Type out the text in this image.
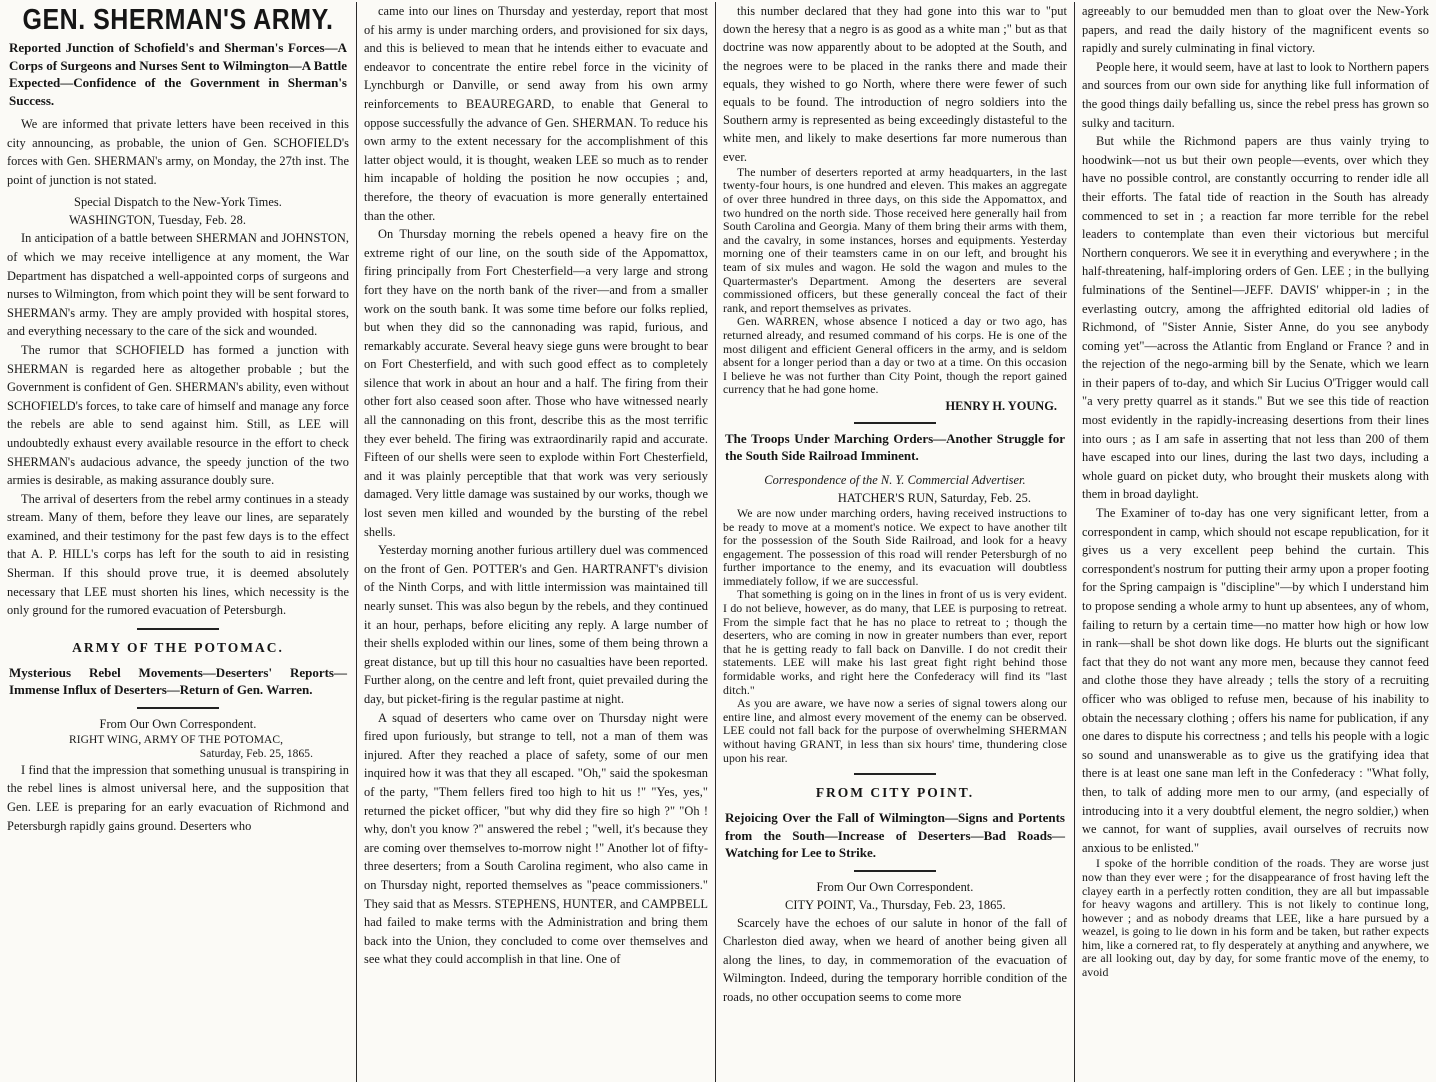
GEN. SHERMAN'S ARMY.
Reported Junction of Schofield's and Sherman's Forces—A Corps of Surgeons and Nurses Sent to Wilmington—A Battle Expected—Confidence of the Government in Sherman's Success.

We are informed that private letters have been received in this city announcing, as probable, the union of Gen. SCHOFIELD's forces with Gen. SHERMAN's army, on Monday, the 27th inst. The point of junction is not stated.

Special Dispatch to the New-York Times.

WASHINGTON, Tuesday, Feb. 28.

In anticipation of a battle between SHERMAN and JOHNSTON, of which we may receive intelligence at any moment, the War Department has dispatched a well-appointed corps of surgeons and nurses to Wilmington, from which point they will be sent forward to SHERMAN's army. They are amply provided with hospital stores, and everything necessary to the care of the sick and wounded.

The rumor that SCHOFIELD has formed a junction with SHERMAN is regarded here as altogether probable ; but the Government is confident of Gen. SHERMAN's ability, even without SCHOFIELD's forces, to take care of himself and manage any force the rebels are able to send against him. Still, as LEE will undoubtedly exhaust every available resource in the effort to check SHERMAN's audacious advance, the speedy junction of the two armies is desirable, as making assurance doubly sure.

The arrival of deserters from the rebel army continues in a steady stream. Many of them, before they leave our lines, are separately examined, and their testimony for the past few days is to the effect that A. P. HILL's corps has left for the south to aid in resisting Sherman. If this should prove true, it is deemed absolutely necessary that LEE must shorten his lines, which necessity is the only ground for the rumored evacuation of Petersburgh.

ARMY OF THE POTOMAC.
Mysterious Rebel Movements—Deserters' Reports—Immense Influx of Deserters—Return of Gen. Warren.

From Our Own Correspondent.

RIGHT WING, ARMY OF THE POTOMAC,

Saturday, Feb. 25, 1865.

I find that the impression that something unusual is transpiring in the rebel lines is almost universal here, and the supposition that Gen. LEE is preparing for an early evacuation of Richmond and Petersburgh rapidly gains ground. Deserters who

came into our lines on Thursday and yesterday, report that most of his army is under marching orders, and provisioned for six days, and this is believed to mean that he intends either to evacuate and endeavor to concentrate the entire rebel force in the vicinity of Lynchburgh or Danville, or send away from his own army reinforcements to BEAUREGARD, to enable that General to oppose successfully the advance of Gen. SHERMAN. To reduce his own army to the extent necessary for the accomplishment of this latter object would, it is thought, weaken LEE so much as to render him incapable of holding the position he now occupies ; and, therefore, the theory of evacuation is more generally entertained than the other.

On Thursday morning the rebels opened a heavy fire on the extreme right of our line, on the south side of the Appomattox, firing principally from Fort Chesterfield—a very large and strong fort they have on the north bank of the river—and from a smaller work on the south bank. It was some time before our folks replied, but when they did so the cannonading was rapid, furious, and remarkably accurate. Several heavy siege guns were brought to bear on Fort Chesterfield, and with such good effect as to completely silence that work in about an hour and a half. The firing from their other fort also ceased soon after. Those who have witnessed nearly all the cannonading on this front, describe this as the most terrific they ever beheld. The firing was extraordinarily rapid and accurate. Fifteen of our shells were seen to explode within Fort Chesterfield, and it was plainly perceptible that that work was very seriously damaged. Very little damage was sustained by our works, though we lost seven men killed and wounded by the bursting of the rebel shells.

Yesterday morning another furious artillery duel was commenced on the front of Gen. POTTER's and Gen. HARTRANFT's division of the Ninth Corps, and with little intermission was maintained till nearly sunset. This was also begun by the rebels, and they continued it an hour, perhaps, before eliciting any reply. A large number of their shells exploded within our lines, some of them being thrown a great distance, but up till this hour no casualties have been reported. Further along, on the centre and left front, quiet prevailed during the day, but picket-firing is the regular pastime at night.

A squad of deserters who came over on Thursday night were fired upon furiously, but strange to tell, not a man of them was injured. After they reached a place of safety, some of our men inquired how it was that they all escaped. "Oh," said the spokesman of the party, "Them fellers fired too high to hit us !" "Yes, yes," returned the picket officer, "but why did they fire so high ?" "Oh ! why, don't you know ?" answered the rebel ; "well, it's because they are coming over themselves to-morrow night !" Another lot of fifty-three deserters; from a South Carolina regiment, who also came in on Thursday night, reported themselves as "peace commissioners." They said that as Messrs. STEPHENS, HUNTER, and CAMPBELL had failed to make terms with the Administration and bring them back into the Union, they concluded to come over themselves and see what they could accomplish in that line. One of

this number declared that they had gone into this war to "put down the heresy that a negro is as good as a white man ;" but as that doctrine was now apparently about to be adopted at the South, and the negroes were to be placed in the ranks there and made their equals, they wished to go North, where there were fewer of such equals to be found. The introduction of negro soldiers into the Southern army is represented as being exceedingly distasteful to the white men, and likely to make desertions far more numerous than ever.

The number of deserters reported at army headquarters, in the last twenty-four hours, is one hundred and eleven. This makes an aggregate of over three hundred in three days, on this side the Appomattox, and two hundred on the north side. Those received here generally hail from South Carolina and Georgia. Many of them bring their arms with them, and the cavalry, in some instances, horses and equipments. Yesterday morning one of their teamsters came in on our left, and brought his team of six mules and wagon. He sold the wagon and mules to the Quartermaster's Department. Among the deserters are several commissioned officers, but these generally conceal the fact of their rank, and report themselves as privates.

Gen. WARREN, whose absence I noticed a day or two ago, has returned already, and resumed command of his corps. He is one of the most diligent and efficient General officers in the army, and is seldom absent for a longer period than a day or two at a time. On this occasion I believe he was not further than City Point, though the report gained currency that he had gone home.

HENRY H. YOUNG.
The Troops Under Marching Orders—Another Struggle for the South Side Railroad Imminent.

Correspondence of the N. Y. Commercial Advertiser.

HATCHER'S RUN, Saturday, Feb. 25.

We are now under marching orders, having received instructions to be ready to move at a moment's notice. We expect to have another tilt for the possession of the South Side Railroad, and look for a heavy engagement. The possession of this road will render Petersburgh of no further importance to the enemy, and its evacuation will doubtless immediately follow, if we are successful.

That something is going on in the lines in front of us is very evident. I do not believe, however, as do many, that LEE is purposing to retreat. From the simple fact that he has no place to retreat to ; though the deserters, who are coming in now in greater numbers than ever, report that he is getting ready to fall back on Danville. I do not credit their statements. LEE will make his last great fight right behind those formidable works, and right here the Confederacy will find its "last ditch."

As you are aware, we have now a series of signal towers along our entire line, and almost every movement of the enemy can be observed. LEE could not fall back for the purpose of overwhelming SHERMAN without having GRANT, in less than six hours' time, thundering close upon his rear.

FROM CITY POINT.
Rejoicing Over the Fall of Wilmington—Signs and Portents from the South—Increase of Deserters—Bad Roads—Watching for Lee to Strike.

From Our Own Correspondent.

CITY POINT, Va., Thursday, Feb. 23, 1865.

Scarcely have the echoes of our salute in honor of the fall of Charleston died away, when we heard of another being given all along the lines, to day, in commemoration of the evacuation of Wilmington. Indeed, during the temporary horrible condition of the roads, no other occupation seems to come more

agreeably to our bemudded men than to gloat over the New-York papers, and read the daily history of the magnificent events so rapidly and surely culminating in final victory.

People here, it would seem, have at last to look to Northern papers and sources from our own side for anything like full information of the good things daily befalling us, since the rebel press has grown so sulky and taciturn.

But while the Richmond papers are thus vainly trying to hoodwink—not us but their own people—events, over which they have no possible control, are constantly occurring to render idle all their efforts. The fatal tide of reaction in the South has already commenced to set in ; a reaction far more terrible for the rebel leaders to contemplate than even their victorious but merciful Northern conquerors. We see it in everything and everywhere ; in the half-threatening, half-imploring orders of Gen. LEE ; in the bullying fulminations of the Sentinel—JEFF. DAVIS' whipper-in ; in the everlasting outcry, among the affrighted editorial old ladies of Richmond, of "Sister Annie, Sister Anne, do you see anybody coming yet"—across the Atlantic from England or France ? and in the rejection of the nego-arming bill by the Senate, which we learn in their papers of to-day, and which Sir Lucius O'Trigger would call "a very pretty quarrel as it stands." But we see this tide of reaction most evidently in the rapidly-increasing desertions from their lines into ours ; as I am safe in asserting that not less than 200 of them have escaped into our lines, during the last two days, including a whole guard on picket duty, who brought their muskets along with them in broad daylight.

The Examiner of to-day has one very significant letter, from a correspondent in camp, which should not escape republication, for it gives us a very excellent peep behind the curtain. This correspondent's nostrum for putting their army upon a proper footing for the Spring campaign is "discipline"—by which I understand him to propose sending a whole army to hunt up absentees, any of whom, failing to return by a certain time—no matter how high or how low in rank—shall be shot down like dogs. He blurts out the significant fact that they do not want any more men, because they cannot feed and clothe those they have already ; tells the story of a recruiting officer who was obliged to refuse men, because of his inability to obtain the necessary clothing ; offers his name for publication, if any one dares to dispute his correctness ; and tells his people with a logic so sound and unanswerable as to give us the gratifying idea that there is at least one sane man left in the Confederacy : "What folly, then, to talk of adding more men to our army, (and especially of introducing into it a very doubtful element, the negro soldier,) when we cannot, for want of supplies, avail ourselves of recruits now anxious to be enlisted."

I spoke of the horrible condition of the roads. They are worse just now than they ever were ; for the disappearance of frost having left the clayey earth in a perfectly rotten condition, they are all but impassable for heavy wagons and artillery. This is not likely to continue long, however ; and as nobody dreams that LEE, like a hare pursued by a weazel, is going to lie down in his form and be taken, but rather expects him, like a cornered rat, to fly desperately at anything and anywhere, we are all looking out, day by day, for some frantic move of the enemy, to avoid
